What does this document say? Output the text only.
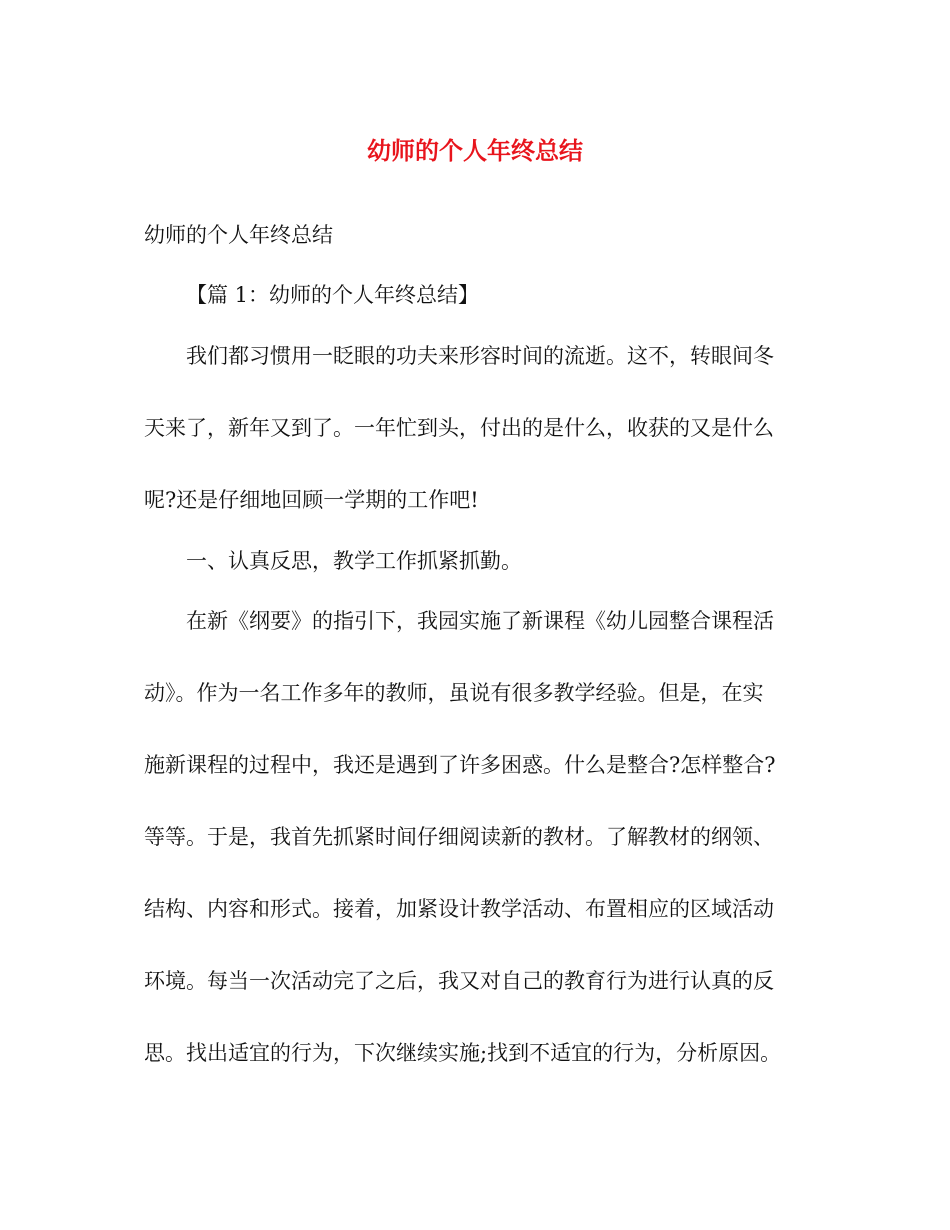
幼师的个人年终总结

幼师的个人年终总结

【篇 1：幼师的个人年终总结】

我们都习惯用一眨眼的功夫来形容时间的流逝。这不，转眼间冬

天来了，新年又到了。一年忙到头，付出的是什么，收获的又是什么

呢?还是仔细地回顾一学期的工作吧!

一、认真反思，教学工作抓紧抓勤。

在新《纲要》的指引下，我园实施了新课程《幼儿园整合课程活

动》。作为一名工作多年的教师，虽说有很多教学经验。但是，在实

施新课程的过程中，我还是遇到了许多困惑。什么是整合?怎样整合?

等等。于是，我首先抓紧时间仔细阅读新的教材。了解教材的纲领、

结构、内容和形式。接着，加紧设计教学活动、布置相应的区域活动

环境。每当一次活动完了之后，我又对自己的教育行为进行认真的反

思。找出适宜的行为，下次继续实施;找到不适宜的行为，分析原因。
